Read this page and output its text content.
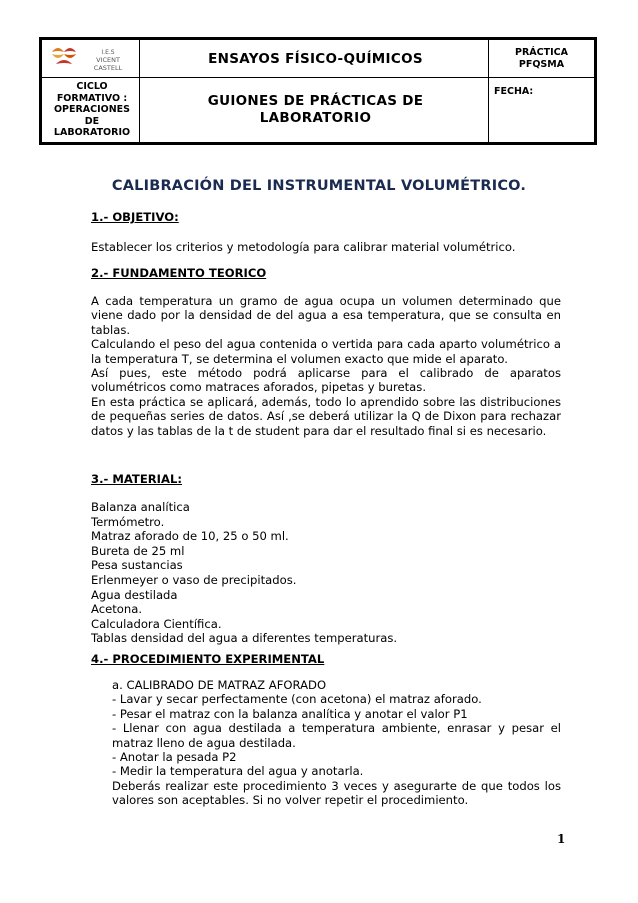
I.E.S
VICENT
CASTELL
ENSAYOS FÍSICO-QUÍMICOS	PRÁCTICA
PFQSMA
CICLO
FORMATIVO :
OPERACIONES
DE
LABORATORIO
GUIONES DE PRÁCTICAS DE
LABORATORIO
FECHA:
CALIBRACIÓN DEL INSTRUMENTAL VOLUMÉTRICO.

1.- OBJETIVO:

Establecer los criterios y metodología para calibrar material volumétrico.

2.- FUNDAMENTO TEORICO

A cada temperatura un gramo de agua ocupa un volumen determinado que viene dado por la densidad de del agua a esa temperatura, que se consulta en tablas.

Calculando el peso del agua contenida o vertida para cada aparto volumétrico a la temperatura T, se determina el volumen exacto que mide el aparato.

Así pues, este método podrá aplicarse para el calibrado de aparatos volumétricos como matraces aforados, pipetas y buretas.

En esta práctica se aplicará, además, todo lo aprendido sobre las distribuciones de pequeñas series de datos. Así ,se deberá utilizar la Q de Dixon para rechazar datos y las tablas de la t de student para dar el resultado final si es necesario.

3.- MATERIAL:

Balanza analítica
Termómetro.
Matraz aforado de 10, 25 o 50 ml.
Bureta de 25 ml
Pesa sustancias
Erlenmeyer o vaso de precipitados.
Agua destilada
Acetona.
Calculadora Científica.
Tablas densidad del agua a diferentes temperaturas.

4.- PROCEDIMIENTO EXPERIMENTAL

a. CALIBRADO DE MATRAZ AFORADO
- Lavar y secar perfectamente (con acetona) el matraz aforado.
- Pesar el matraz con la balanza analítica y anotar el valor P1
- Llenar con agua destilada a temperatura ambiente, enrasar y pesar el matraz lleno de agua destilada.
- Anotar la pesada P2
- Medir la temperatura del agua y anotarla.
Deberás realizar este procedimiento 3 veces y asegurarte de que todos los valores son aceptables. Si no volver repetir el procedimiento.
1
